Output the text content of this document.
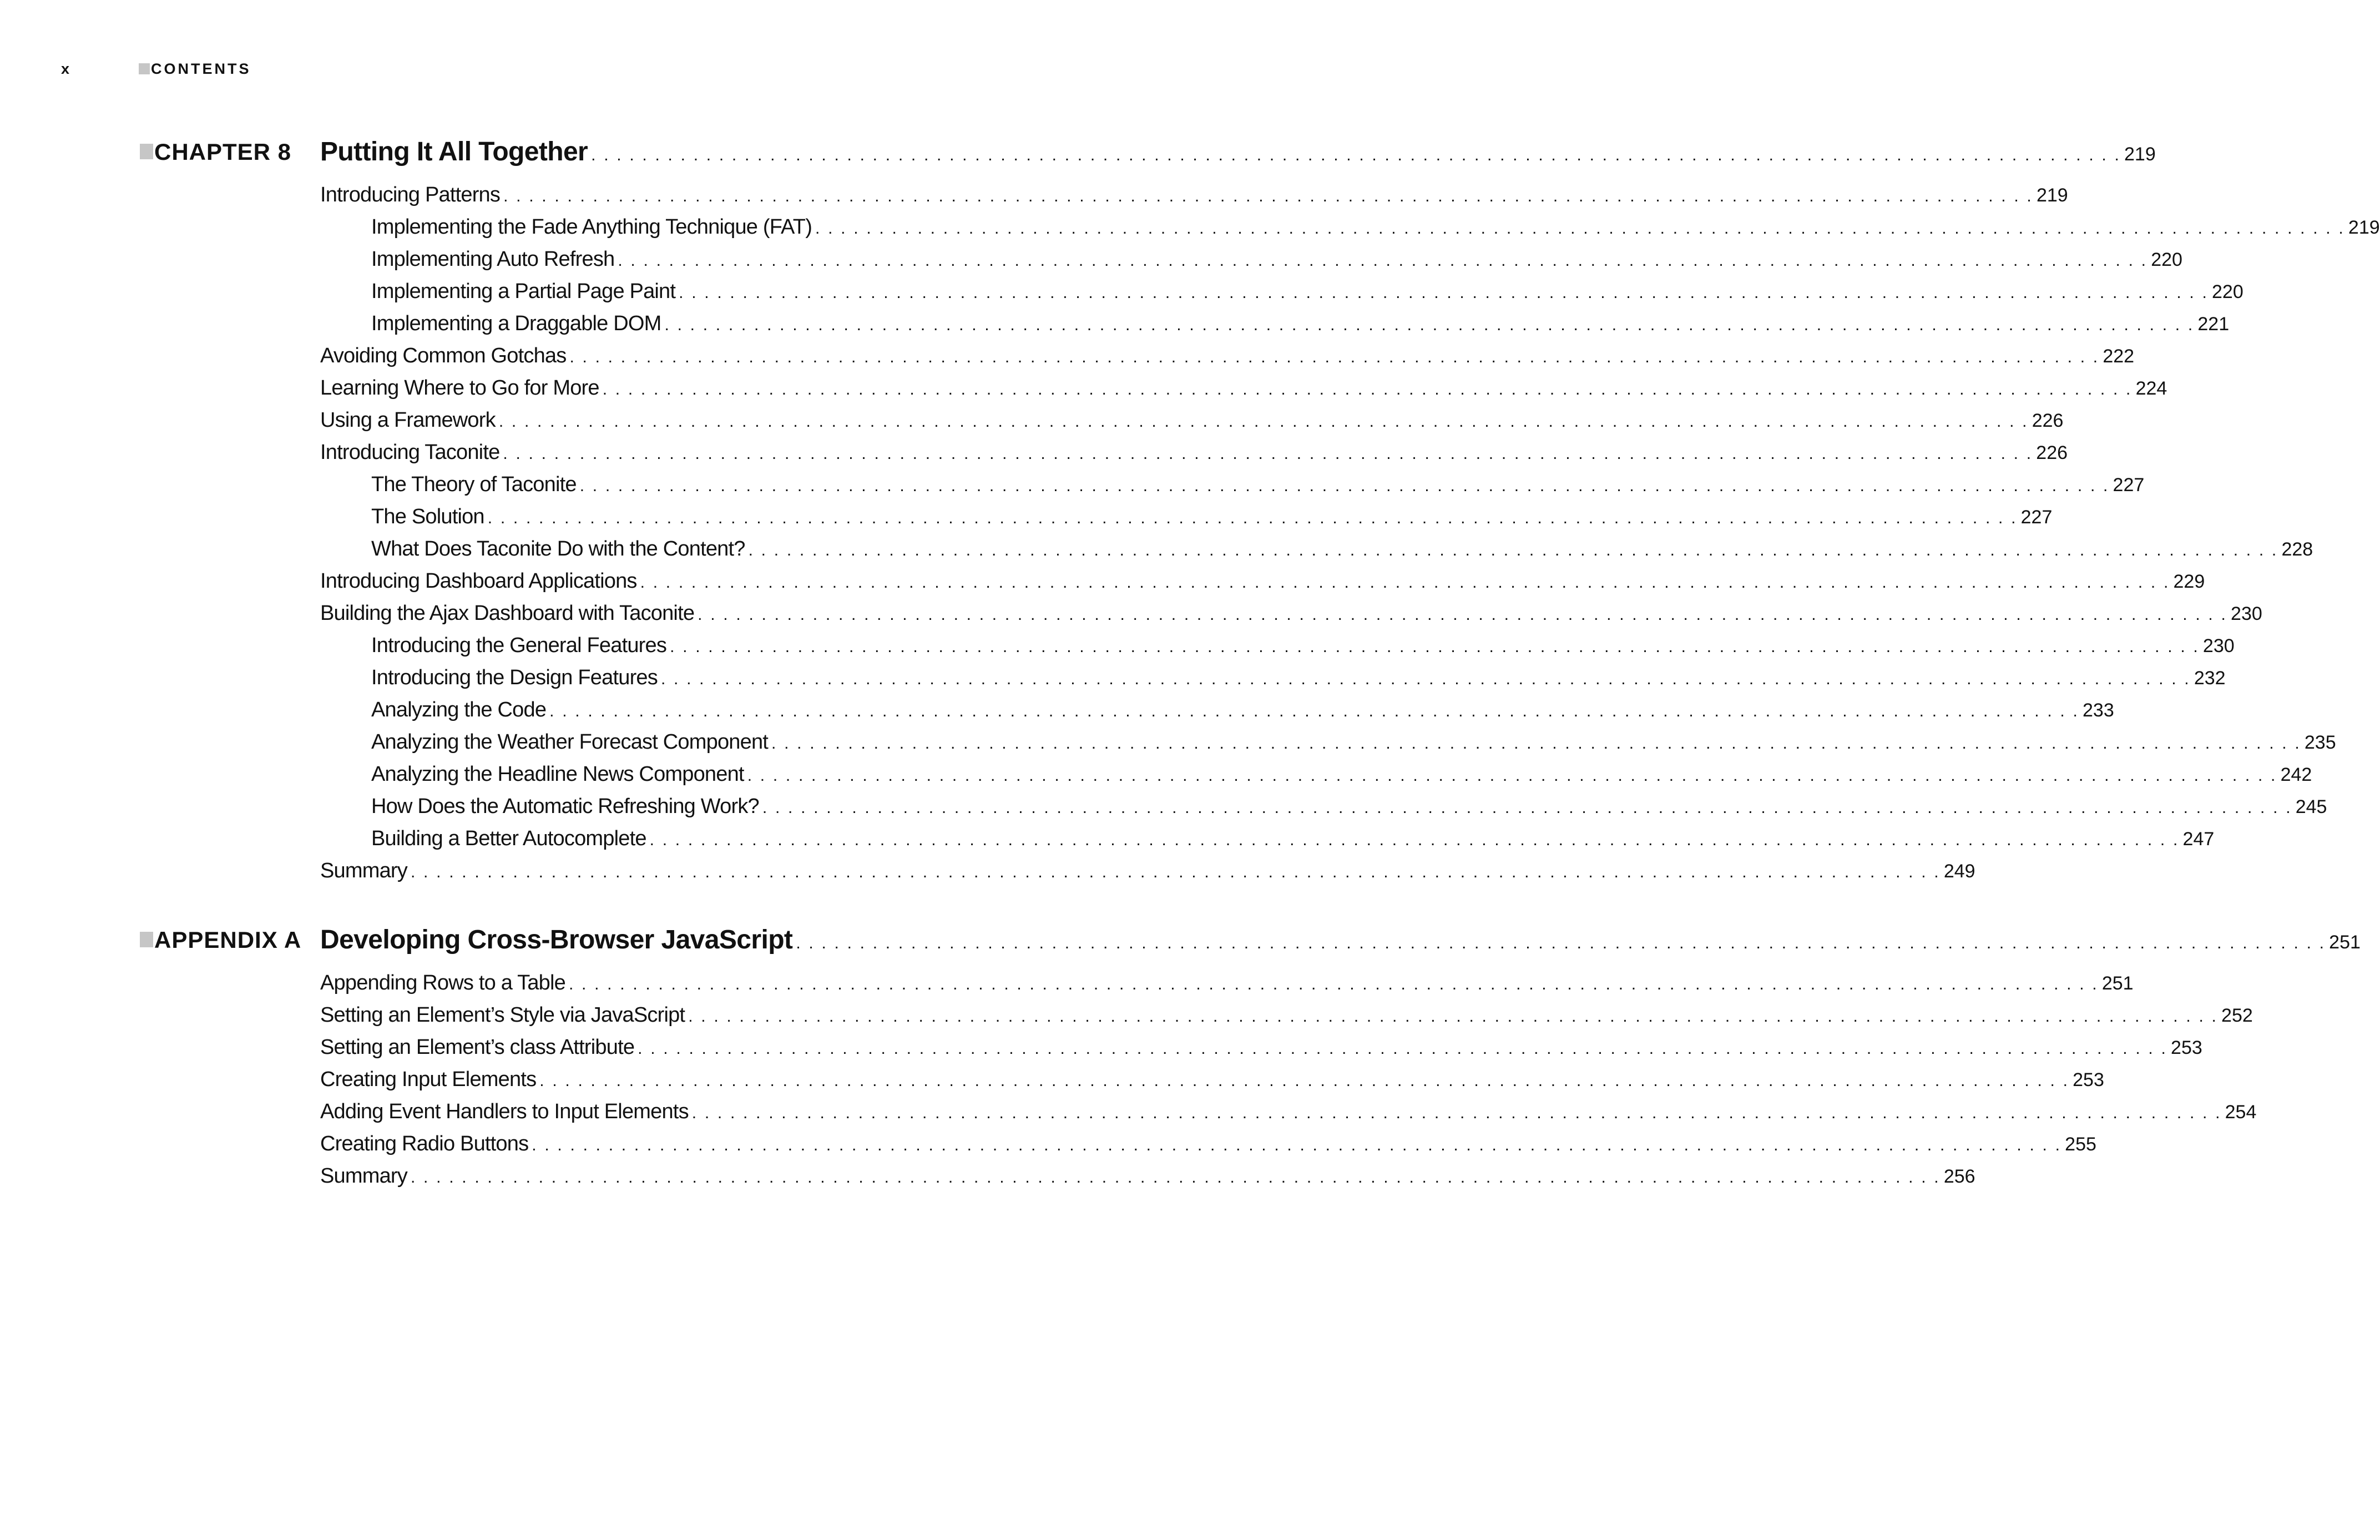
x	CONTENTS
CHAPTER 8 Putting It All Together . . . . . . . . . . . . . . . . . . . . . . . . . . . . . . . . . . . . . . . . . . . . . . . . . . . . . . . . . . . . . . . . . . . . . . . . . . . . . . . . . . . . . . . . . . . . . . . . . . . . . . . . . . . . . . . . . . . . . . . . 219
Introducing Patterns . . . . . . . . . . . . . . . . . . . . . . . . . . . . . . . . . . . . . . . . . . . . . . . . . . . . . . . . . . . . . . . . . . . . . . . . . . . . . . . . . . . . . . . . . . . . . . . . . . . . . . . . . . . . . . . . . . . . . . . . 219
Implementing the Fade Anything Technique (FAT) . . . . . . . . . . . . . . . . . . . . . . . . . . . . . . . . . . . . . . . . . . . . . . . . . . . . . . . . . . . . . . . . . . . . . . . . . . . . . . . . . . . . . . . . . . . . . . . . . . . . . . . . . . . . . . . . . . . . . . . . 219
Implementing Auto Refresh . . . . . . . . . . . . . . . . . . . . . . . . . . . . . . . . . . . . . . . . . . . . . . . . . . . . . . . . . . . . . . . . . . . . . . . . . . . . . . . . . . . . . . . . . . . . . . . . . . . . . . . . . . . . . . . . . . . . . . . . 220
Implementing a Partial Page Paint . . . . . . . . . . . . . . . . . . . . . . . . . . . . . . . . . . . . . . . . . . . . . . . . . . . . . . . . . . . . . . . . . . . . . . . . . . . . . . . . . . . . . . . . . . . . . . . . . . . . . . . . . . . . . . . . . . . . . . . . 220
Implementing a Draggable DOM . . . . . . . . . . . . . . . . . . . . . . . . . . . . . . . . . . . . . . . . . . . . . . . . . . . . . . . . . . . . . . . . . . . . . . . . . . . . . . . . . . . . . . . . . . . . . . . . . . . . . . . . . . . . . . . . . . . . . . . . 221
Avoiding Common Gotchas . . . . . . . . . . . . . . . . . . . . . . . . . . . . . . . . . . . . . . . . . . . . . . . . . . . . . . . . . . . . . . . . . . . . . . . . . . . . . . . . . . . . . . . . . . . . . . . . . . . . . . . . . . . . . . . . . . . . . . . . 222
Learning Where to Go for More . . . . . . . . . . . . . . . . . . . . . . . . . . . . . . . . . . . . . . . . . . . . . . . . . . . . . . . . . . . . . . . . . . . . . . . . . . . . . . . . . . . . . . . . . . . . . . . . . . . . . . . . . . . . . . . . . . . . . . . . 224
Using a Framework . . . . . . . . . . . . . . . . . . . . . . . . . . . . . . . . . . . . . . . . . . . . . . . . . . . . . . . . . . . . . . . . . . . . . . . . . . . . . . . . . . . . . . . . . . . . . . . . . . . . . . . . . . . . . . . . . . . . . . . . 226
Introducing Taconite . . . . . . . . . . . . . . . . . . . . . . . . . . . . . . . . . . . . . . . . . . . . . . . . . . . . . . . . . . . . . . . . . . . . . . . . . . . . . . . . . . . . . . . . . . . . . . . . . . . . . . . . . . . . . . . . . . . . . . . . 226
The Theory of Taconite . . . . . . . . . . . . . . . . . . . . . . . . . . . . . . . . . . . . . . . . . . . . . . . . . . . . . . . . . . . . . . . . . . . . . . . . . . . . . . . . . . . . . . . . . . . . . . . . . . . . . . . . . . . . . . . . . . . . . . . . 227
The Solution . . . . . . . . . . . . . . . . . . . . . . . . . . . . . . . . . . . . . . . . . . . . . . . . . . . . . . . . . . . . . . . . . . . . . . . . . . . . . . . . . . . . . . . . . . . . . . . . . . . . . . . . . . . . . . . . . . . . . . . . 227
What Does Taconite Do with the Content? . . . . . . . . . . . . . . . . . . . . . . . . . . . . . . . . . . . . . . . . . . . . . . . . . . . . . . . . . . . . . . . . . . . . . . . . . . . . . . . . . . . . . . . . . . . . . . . . . . . . . . . . . . . . . . . . . . . . . . . . 228
Introducing Dashboard Applications . . . . . . . . . . . . . . . . . . . . . . . . . . . . . . . . . . . . . . . . . . . . . . . . . . . . . . . . . . . . . . . . . . . . . . . . . . . . . . . . . . . . . . . . . . . . . . . . . . . . . . . . . . . . . . . . . . . . . . . . 229
Building the Ajax Dashboard with Taconite . . . . . . . . . . . . . . . . . . . . . . . . . . . . . . . . . . . . . . . . . . . . . . . . . . . . . . . . . . . . . . . . . . . . . . . . . . . . . . . . . . . . . . . . . . . . . . . . . . . . . . . . . . . . . . . . . . . . . . . . 230
Introducing the General Features . . . . . . . . . . . . . . . . . . . . . . . . . . . . . . . . . . . . . . . . . . . . . . . . . . . . . . . . . . . . . . . . . . . . . . . . . . . . . . . . . . . . . . . . . . . . . . . . . . . . . . . . . . . . . . . . . . . . . . . . 230
Introducing the Design Features . . . . . . . . . . . . . . . . . . . . . . . . . . . . . . . . . . . . . . . . . . . . . . . . . . . . . . . . . . . . . . . . . . . . . . . . . . . . . . . . . . . . . . . . . . . . . . . . . . . . . . . . . . . . . . . . . . . . . . . . 232
Analyzing the Code . . . . . . . . . . . . . . . . . . . . . . . . . . . . . . . . . . . . . . . . . . . . . . . . . . . . . . . . . . . . . . . . . . . . . . . . . . . . . . . . . . . . . . . . . . . . . . . . . . . . . . . . . . . . . . . . . . . . . . . . 233
Analyzing the Weather Forecast Component . . . . . . . . . . . . . . . . . . . . . . . . . . . . . . . . . . . . . . . . . . . . . . . . . . . . . . . . . . . . . . . . . . . . . . . . . . . . . . . . . . . . . . . . . . . . . . . . . . . . . . . . . . . . . . . . . . . . . . . . 235
Analyzing the Headline News Component . . . . . . . . . . . . . . . . . . . . . . . . . . . . . . . . . . . . . . . . . . . . . . . . . . . . . . . . . . . . . . . . . . . . . . . . . . . . . . . . . . . . . . . . . . . . . . . . . . . . . . . . . . . . . . . . . . . . . . . . 242
How Does the Automatic Refreshing Work? . . . . . . . . . . . . . . . . . . . . . . . . . . . . . . . . . . . . . . . . . . . . . . . . . . . . . . . . . . . . . . . . . . . . . . . . . . . . . . . . . . . . . . . . . . . . . . . . . . . . . . . . . . . . . . . . . . . . . . . . 245
Building a Better Autocomplete . . . . . . . . . . . . . . . . . . . . . . . . . . . . . . . . . . . . . . . . . . . . . . . . . . . . . . . . . . . . . . . . . . . . . . . . . . . . . . . . . . . . . . . . . . . . . . . . . . . . . . . . . . . . . . . . . . . . . . . . 247
Summary . . . . . . . . . . . . . . . . . . . . . . . . . . . . . . . . . . . . . . . . . . . . . . . . . . . . . . . . . . . . . . . . . . . . . . . . . . . . . . . . . . . . . . . . . . . . . . . . . . . . . . . . . . . . . . . . . . . . . . . . 249
APPENDIX A Developing Cross-Browser JavaScript . . . . . . . . . . . . . . . . . . . . . . . . . . . . . . . . . . . . . . . . . . . . . . . . . . . . . . . . . . . . . . . . . . . . . . . . . . . . . . . . . . . . . . . . . . . . . . . . . . . . . . . . . . . . . . . . . . . . . . . . 251
Appending Rows to a Table . . . . . . . . . . . . . . . . . . . . . . . . . . . . . . . . . . . . . . . . . . . . . . . . . . . . . . . . . . . . . . . . . . . . . . . . . . . . . . . . . . . . . . . . . . . . . . . . . . . . . . . . . . . . . . . . . . . . . . . . 251
Setting an Element’s Style via JavaScript . . . . . . . . . . . . . . . . . . . . . . . . . . . . . . . . . . . . . . . . . . . . . . . . . . . . . . . . . . . . . . . . . . . . . . . . . . . . . . . . . . . . . . . . . . . . . . . . . . . . . . . . . . . . . . . . . . . . . . . . 252
Setting an Element’s class Attribute . . . . . . . . . . . . . . . . . . . . . . . . . . . . . . . . . . . . . . . . . . . . . . . . . . . . . . . . . . . . . . . . . . . . . . . . . . . . . . . . . . . . . . . . . . . . . . . . . . . . . . . . . . . . . . . . . . . . . . . . 253
Creating Input Elements . . . . . . . . . . . . . . . . . . . . . . . . . . . . . . . . . . . . . . . . . . . . . . . . . . . . . . . . . . . . . . . . . . . . . . . . . . . . . . . . . . . . . . . . . . . . . . . . . . . . . . . . . . . . . . . . . . . . . . . . 253
Adding Event Handlers to Input Elements . . . . . . . . . . . . . . . . . . . . . . . . . . . . . . . . . . . . . . . . . . . . . . . . . . . . . . . . . . . . . . . . . . . . . . . . . . . . . . . . . . . . . . . . . . . . . . . . . . . . . . . . . . . . . . . . . . . . . . . . 254
Creating Radio Buttons . . . . . . . . . . . . . . . . . . . . . . . . . . . . . . . . . . . . . . . . . . . . . . . . . . . . . . . . . . . . . . . . . . . . . . . . . . . . . . . . . . . . . . . . . . . . . . . . . . . . . . . . . . . . . . . . . . . . . . . . 255
Summary . . . . . . . . . . . . . . . . . . . . . . . . . . . . . . . . . . . . . . . . . . . . . . . . . . . . . . . . . . . . . . . . . . . . . . . . . . . . . . . . . . . . . . . . . . . . . . . . . . . . . . . . . . . . . . . . . . . . . . . . 256
